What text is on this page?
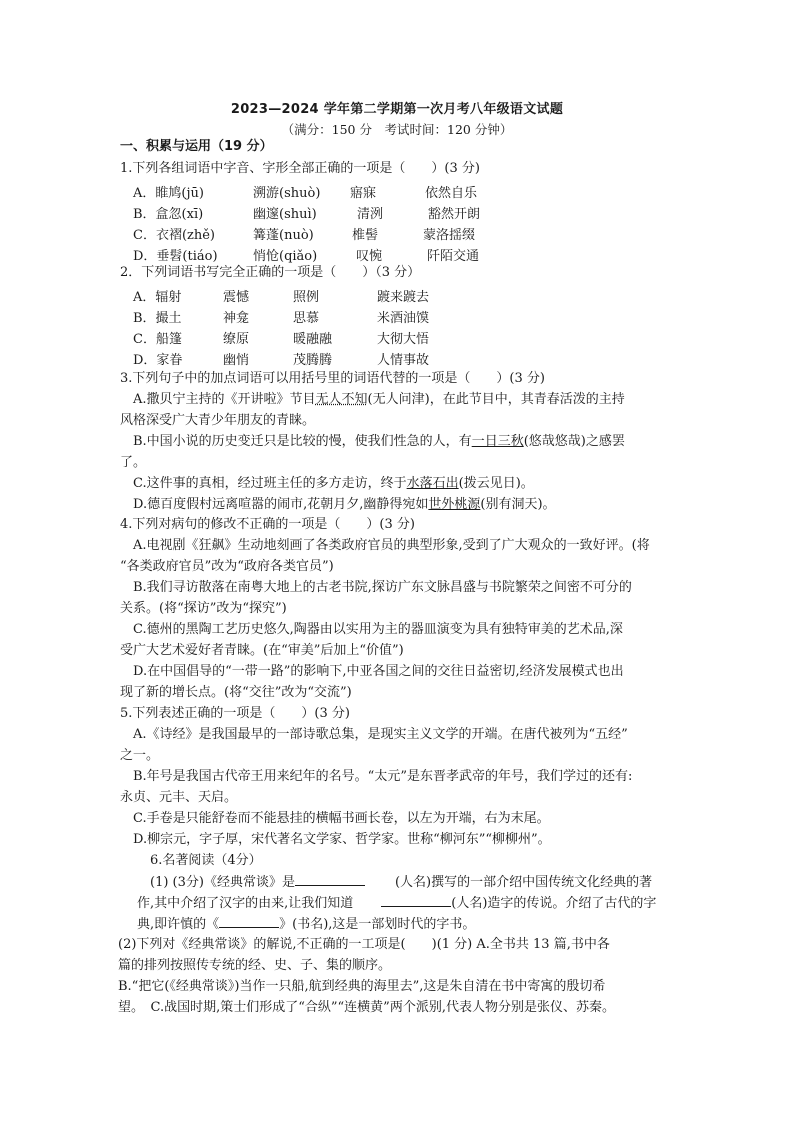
2023—2024 学年第二学期第一次月考八年级语文试题
（满分：150 分　考试时间：120 分钟）
一、积累与运用（19 分）
1.下列各组词语中字音、字形全部正确的一项是（　　）(3 分)
A．睢鸠(jū)	溯游(shuò) 寤寐	依然自乐
B．盒忽(xī)	幽邃(shuì)	清洌	豁然开朗
C．衣褶(zhě)	篝蓬(nuò)	椎髻	蒙洛揺缀
D．垂髫(tiáo)	悄怆(qiǎo)	叹惋	阡陌交通
2．下列词语书写完全正确的一项是（　　）（3 分）
A．辐射	震憾	照例	踱来踱去
B．撮土	神龛	思慕	米酒油馍
C．船篷	缭原	暖融融	大彻大悟
D．家眷	幽悄	茂腾腾	人情事故
3.下列句子中的加点词语可以用括号里的词语代替的一项是（　　）(3 分)
A.撒贝宁主持的《开讲啦》节目无人不知(无人问津)，在此节目中，其青春活泼的主持
风格深受广大青少年朋友的青睐。
B.中国小说的历史变迁只是比较的慢，使我们性急的人，有一日三秋(悠哉悠哉)之感罢
了。
C.这件事的真相，经过班主任的多方走访，终于水落石出(拨云见日)。
D.德百度假村远离喧嚣的闹市,花朝月夕,幽静得宛如世外桃源(别有洞天)。
4.下列对病句的修改不正确的一项是（　　）(3 分)
A.电视剧《狂飙》生动地刻画了各类政府官员的典型形象,受到了广大观众的一致好评。(将
“各类政府官员”改为“政府各类官员”)
B.我们寻访散落在南粤大地上的古老书院,探访广东文脉昌盛与书院繁荣之间密不可分的
关系。(将“探访”改为“探究”)
C.德州的黑陶工艺历史悠久,陶器由以实用为主的器皿演变为具有独特审美的艺术品,深
受广大艺术爱好者青睐。(在“审美”后加上“价值”)
D.在中国倡导的“一带一路”的影响下,中亚各国之间的交往日益密切,经济发展模式也出
现了新的增长点。(将“交往”改为“交流”)
5.下列表述正确的一项是（　　）(3 分)
A.《诗经》是我国最早的一部诗歌总集，是现实主义文学的开端。在唐代被列为“五经”
之一。
B.年号是我国古代帝王用来纪年的名号。“太元”是东晋孝武帝的年号，我们学过的还有:
永贞、元丰、天启。
C.手卷是只能舒卷而不能悬挂的横幅书画长卷，以左为开端，右为末尾。
D.柳宗元，字子厚，宋代著名文学家、哲学家。世称“柳河东”“柳柳州”。
6.名著阅读（4分）
(1) (3分)《经典常谈》是	(人名)撰写的一部介绍中国传统文化经典的著
作,其中介绍了汉字的由来,让我们知道	(人名)造字的传说。介绍了古代的字
典,即许慎的《	》(书名),这是一部划时代的字书。
(2)下列对《经典常谈》的解说,不正确的一工项是(　　)(1 分) A.全书共 13 篇,书中各
篇的排列按照传专统的经、史、子、集的顺序。
B.“把它(《经典常谈》)当作一只船,航到经典的海里去”,这是朱自清在书中寄寓的殷切希
望。　C.战国时期,策士们形成了“合纵”“连横黄”两个派别,代表人物分别是张仪、苏秦。
